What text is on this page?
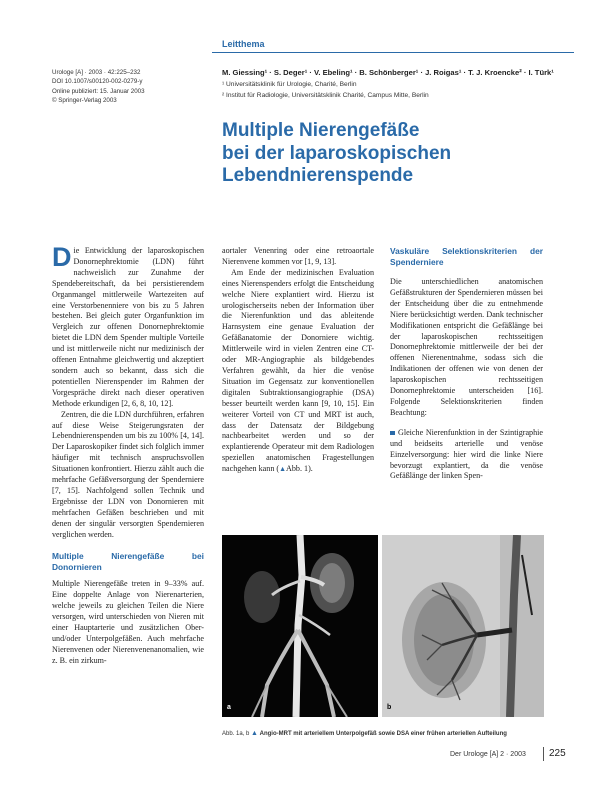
Leitthema
Urologe [A] · 2003 · 42:225–232
DOI 10.1007/s00120-002-0279-y
Online publiziert: 15. Januar 2003
© Springer-Verlag 2003
M. Giessing¹ · S. Deger¹ · V. Ebeling¹ · B. Schönberger¹ · J. Roigas¹ · T. J. Kroencke² · I. Türk¹
¹ Universitätsklinik für Urologie, Charité, Berlin
² Institut für Radiologie, Universitätsklinik Charité, Campus Mitte, Berlin
Multiple Nierengefäße
bei der laparoskopischen
Lebendnierenspende

Die Entwicklung der laparoskopischen Donornephrektomie (LDN) führt nachweislich zur Zunahme der Spendebereitschaft, da bei persistierendem Organmangel mittlerweile Wartezeiten auf eine Verstorbenenniere von bis zu 5 Jahren bestehen. Bei gleich guter Organfunktion im Vergleich zur offenen Donornephrektomie bietet die LDN dem Spender multiple Vorteile und ist mittlerweile nicht nur medizinisch der offenen Entnahme gleichwertig und akzeptiert sondern auch so bekannt, dass sich die potentiellen Nierenspender im Rahmen der Vorgespräche direkt nach dieser operativen Methode erkundigen [2, 6, 8, 10, 12].

Zentren, die die LDN durchführen, erfahren auf diese Weise Steigerungsraten der Lebendnierenspenden um bis zu 100% [4, 14]. Der Laparoskopiker findet sich folglich immer häufiger mit technisch anspruchsvollen Situationen konfrontiert. Hierzu zählt auch die mehrfache Gefäßversorgung der Spenderniere [7, 15]. Nachfolgend sollen Technik und Ergebnisse der LDN von Donornieren mit mehrfachen Gefäßen beschrieben und mit denen der singulär versorgten Spendernieren verglichen werden.

Multiple Nierengefäße bei Donornieren

Multiple Nierengefäße treten in 9–33% auf. Eine doppelte Anlage von Nierenarterien, welche jeweils zu gleichen Teilen die Niere versorgen, wird unterschieden von Nieren mit einer Hauptarterie und zusätzlichen Ober- und/oder Unterpolgefäßen. Auch mehrfache Nierenvenen oder Nierenvenenanomalien, wie z. B. ein zirkum-

aortaler Venenring oder eine retroaortale Nierenvene kommen vor [1, 9, 13].

Am Ende der medizinischen Evaluation eines Nierenspenders erfolgt die Entscheidung welche Niere explantiert wird. Hierzu ist urologischerseits neben der Information über die Nierenfunktion und das ableitende Harnsystem eine genaue Evaluation der Gefäßanatomie der Donorniere wichtig. Mittlerweile wird in vielen Zentren eine CT- oder MR-Angiographie als bildgebendes Verfahren gewählt, da hier die venöse Situation im Gegensatz zur konventionellen digitalen Subtraktionsangiographie (DSA) besser beurteilt werden kann [9, 10, 15]. Ein weiterer Vorteil von CT und MRT ist auch, dass der Datensatz der Bildgebung nachbearbeitet werden und so der explantierende Operateur mit dem Radiologen speziellen anatomischen Fragestellungen nachgehen kann (▲Abb. 1).

Vaskuläre Selektionskriterien der Spenderniere

Die unterschiedlichen anatomischen Gefäßstrukturen der Spendernieren müssen bei der Entscheidung über die zu entnehmende Niere berücksichtigt werden. Dank technischer Modifikationen entspricht die Gefäßlänge bei der laparoskopischen rechtsseitigen Donornephrektomie mittlerweile der bei der offenen Nierenentnahme, sodass sich die Indikationen der offenen wie von denen der laparoskopischen rechtsseitigen Donornephrektomie unterscheiden [16]. Folgende Selektionskriterien finden Beachtung:

Gleiche Nierenfunktion in der Szintigraphie und beidseits arterielle und venöse Einzelversorgung: hier wird die linke Niere bevorzugt explantiert, da die venöse Gefäßlänge der linken Spen-

a	b
Abb. 1a, b ▲ Angio-MRT mit arteriellem Unterpolgefäß sowie DSA einer frühen arteriellen Aufteilung
Der Urologe [A] 2 · 2003 225
